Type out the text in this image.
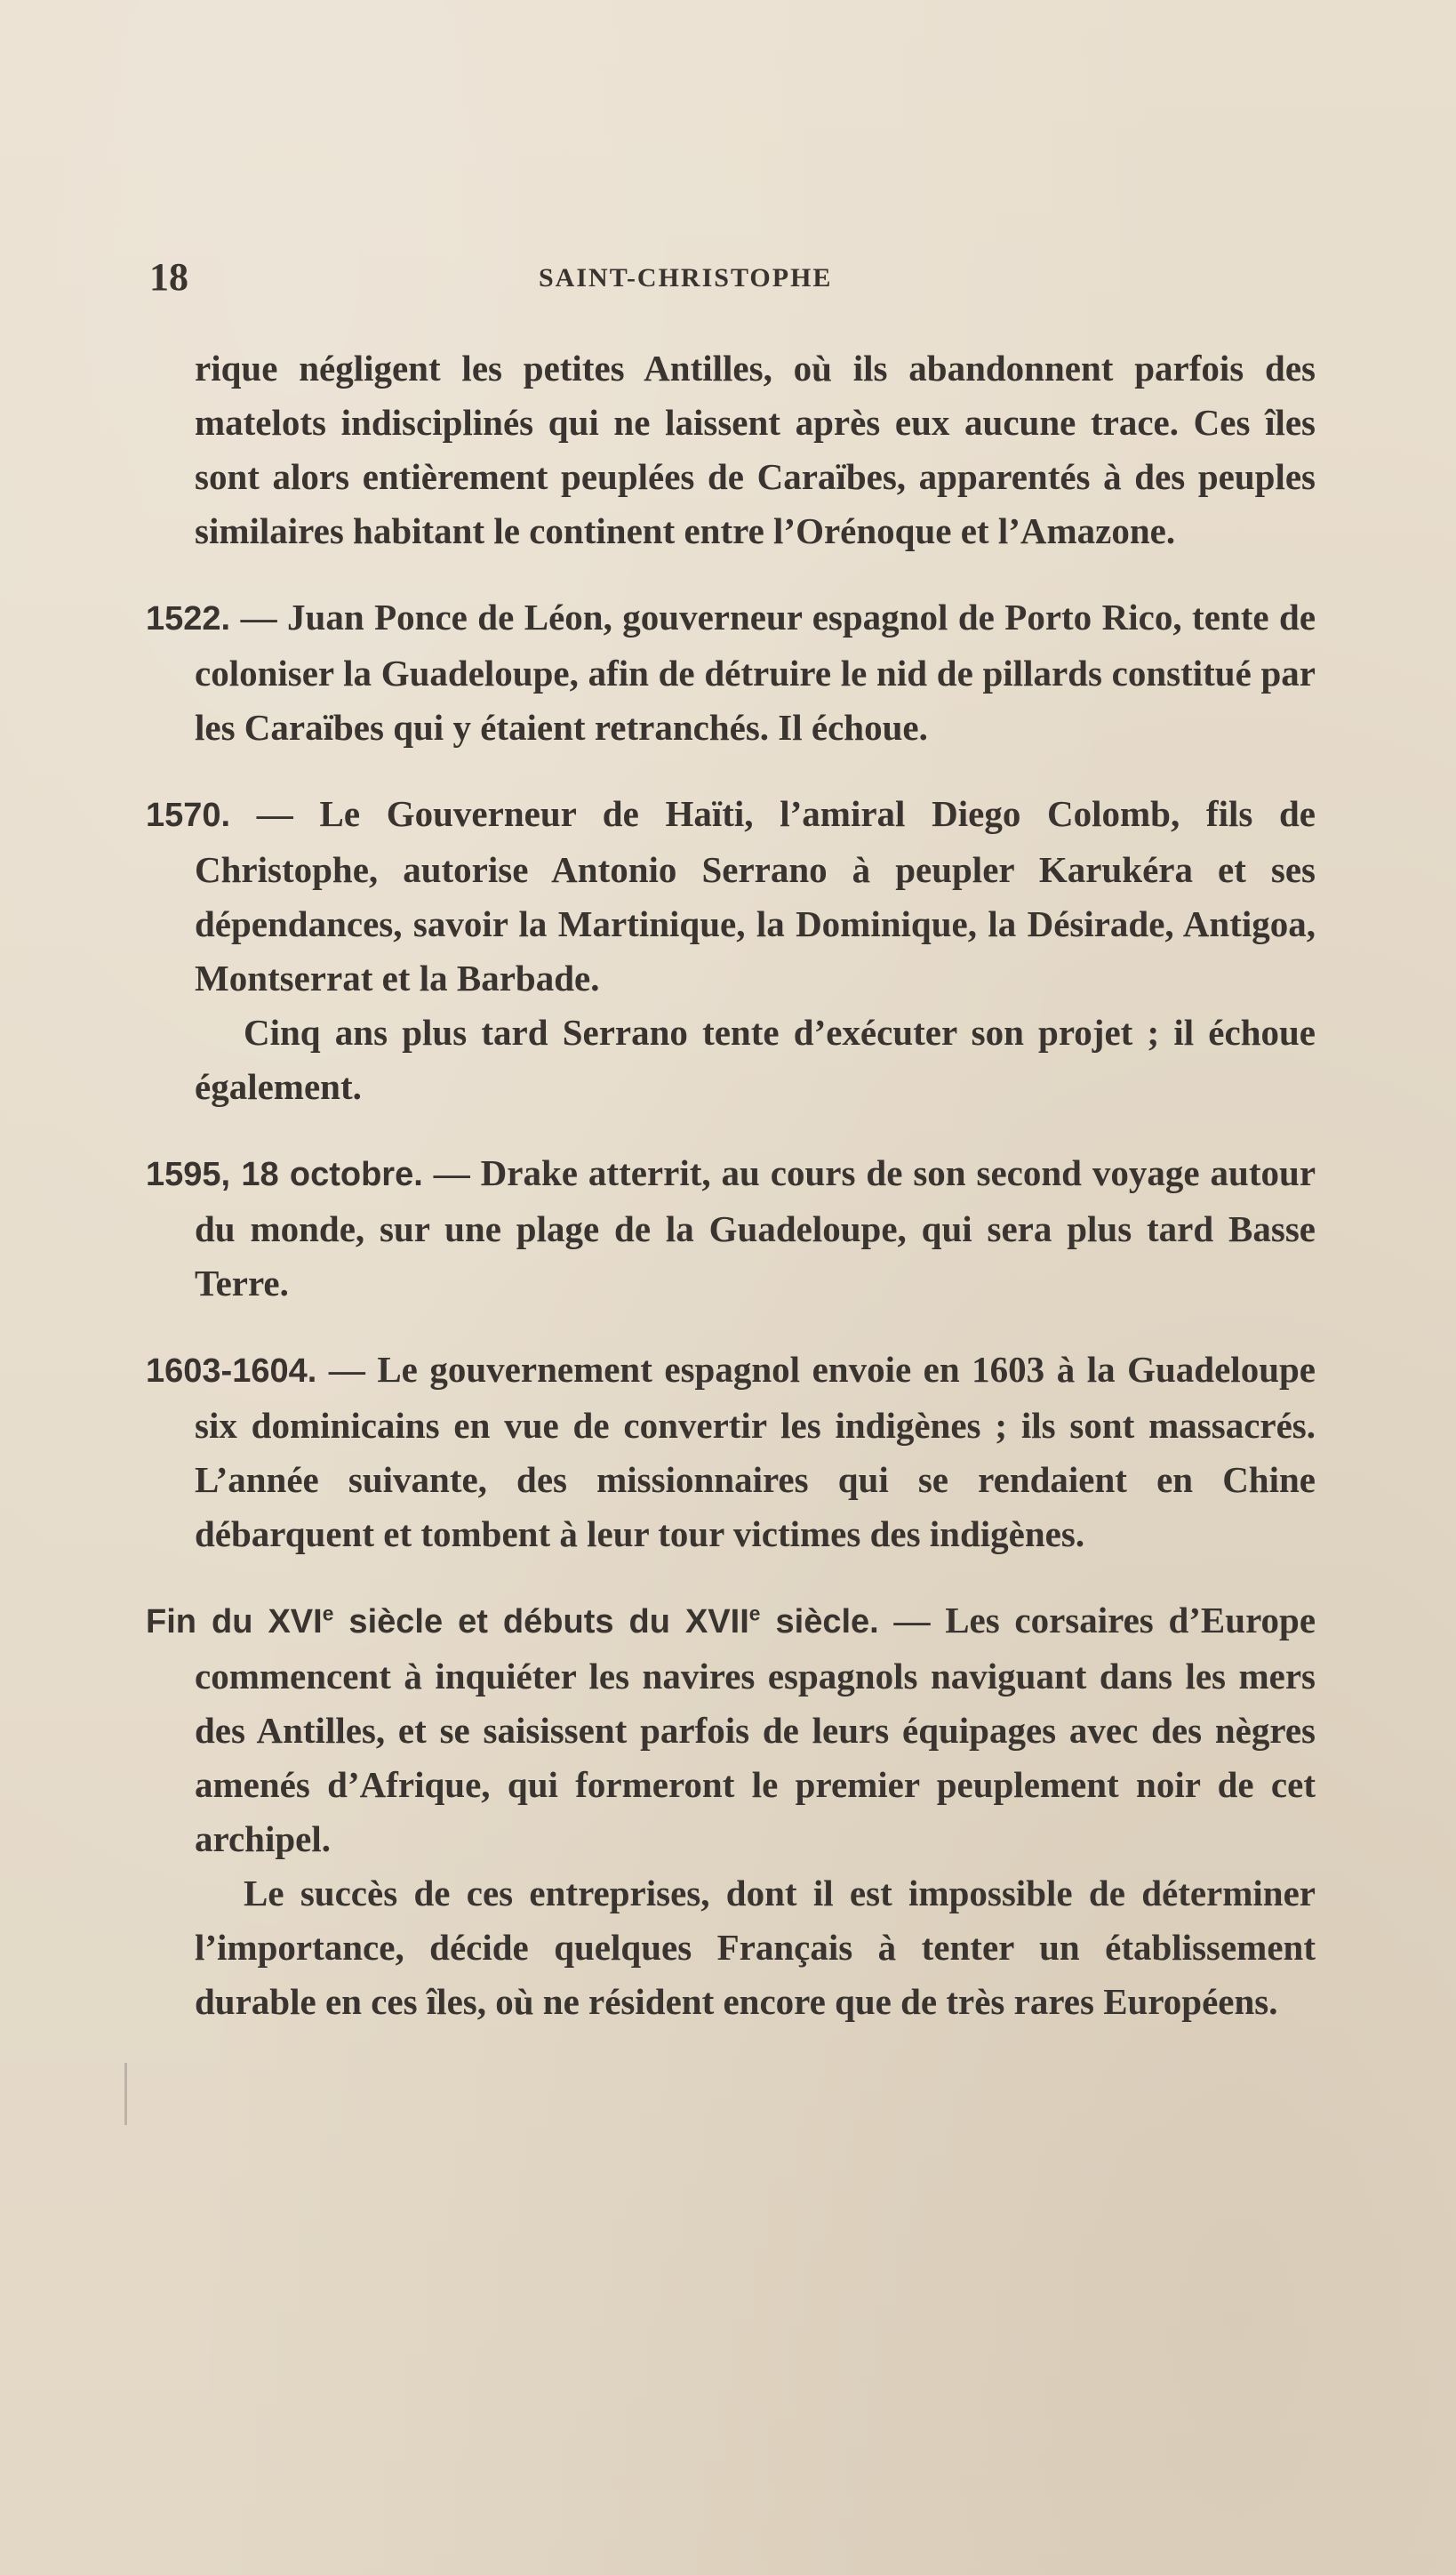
18	SAINT-CHRISTOPHE

rique négligent les petites Antilles, où ils abandonnent parfois des matelots indisciplinés qui ne laissent après eux aucune trace. Ces îles sont alors entièrement peuplées de Caraïbes, apparentés à des peuples similaires habitant le continent entre l’Orénoque et l’Amazone.

1522. — Juan Ponce de Léon, gouverneur espagnol de Porto Rico, tente de coloniser la Guadeloupe, afin de détruire le nid de pillards constitué par les Caraïbes qui y étaient retranchés. Il échoue.

1570. — Le Gouverneur de Haïti, l’amiral Diego Colomb, fils de Christophe, autorise Antonio Serrano à peupler Karukéra et ses dépendances, savoir la Martinique, la Dominique, la Désirade, Antigoa, Montserrat et la Barbade.

Cinq ans plus tard Serrano tente d’exécuter son projet ; il échoue également.

1595, 18 octobre. — Drake atterrit, au cours de son second voyage autour du monde, sur une plage de la Guadeloupe, qui sera plus tard Basse Terre.

1603-1604. — Le gouvernement espagnol envoie en 1603 à la Guadeloupe six dominicains en vue de convertir les indigènes ; ils sont massacrés. L’année suivante, des missionnaires qui se rendaient en Chine débarquent et tombent à leur tour victimes des indigènes.

Fin du XVIe siècle et débuts du XVIIe siècle. — Les corsaires d’Europe commencent à inquiéter les navires espagnols naviguant dans les mers des Antilles, et se saisissent parfois de leurs équipages avec des nègres amenés d’Afrique, qui formeront le premier peuplement noir de cet archipel.

Le succès de ces entreprises, dont il est impossible de déterminer l’importance, décide quelques Français à tenter un établissement durable en ces îles, où ne résident encore que de très rares Européens.
